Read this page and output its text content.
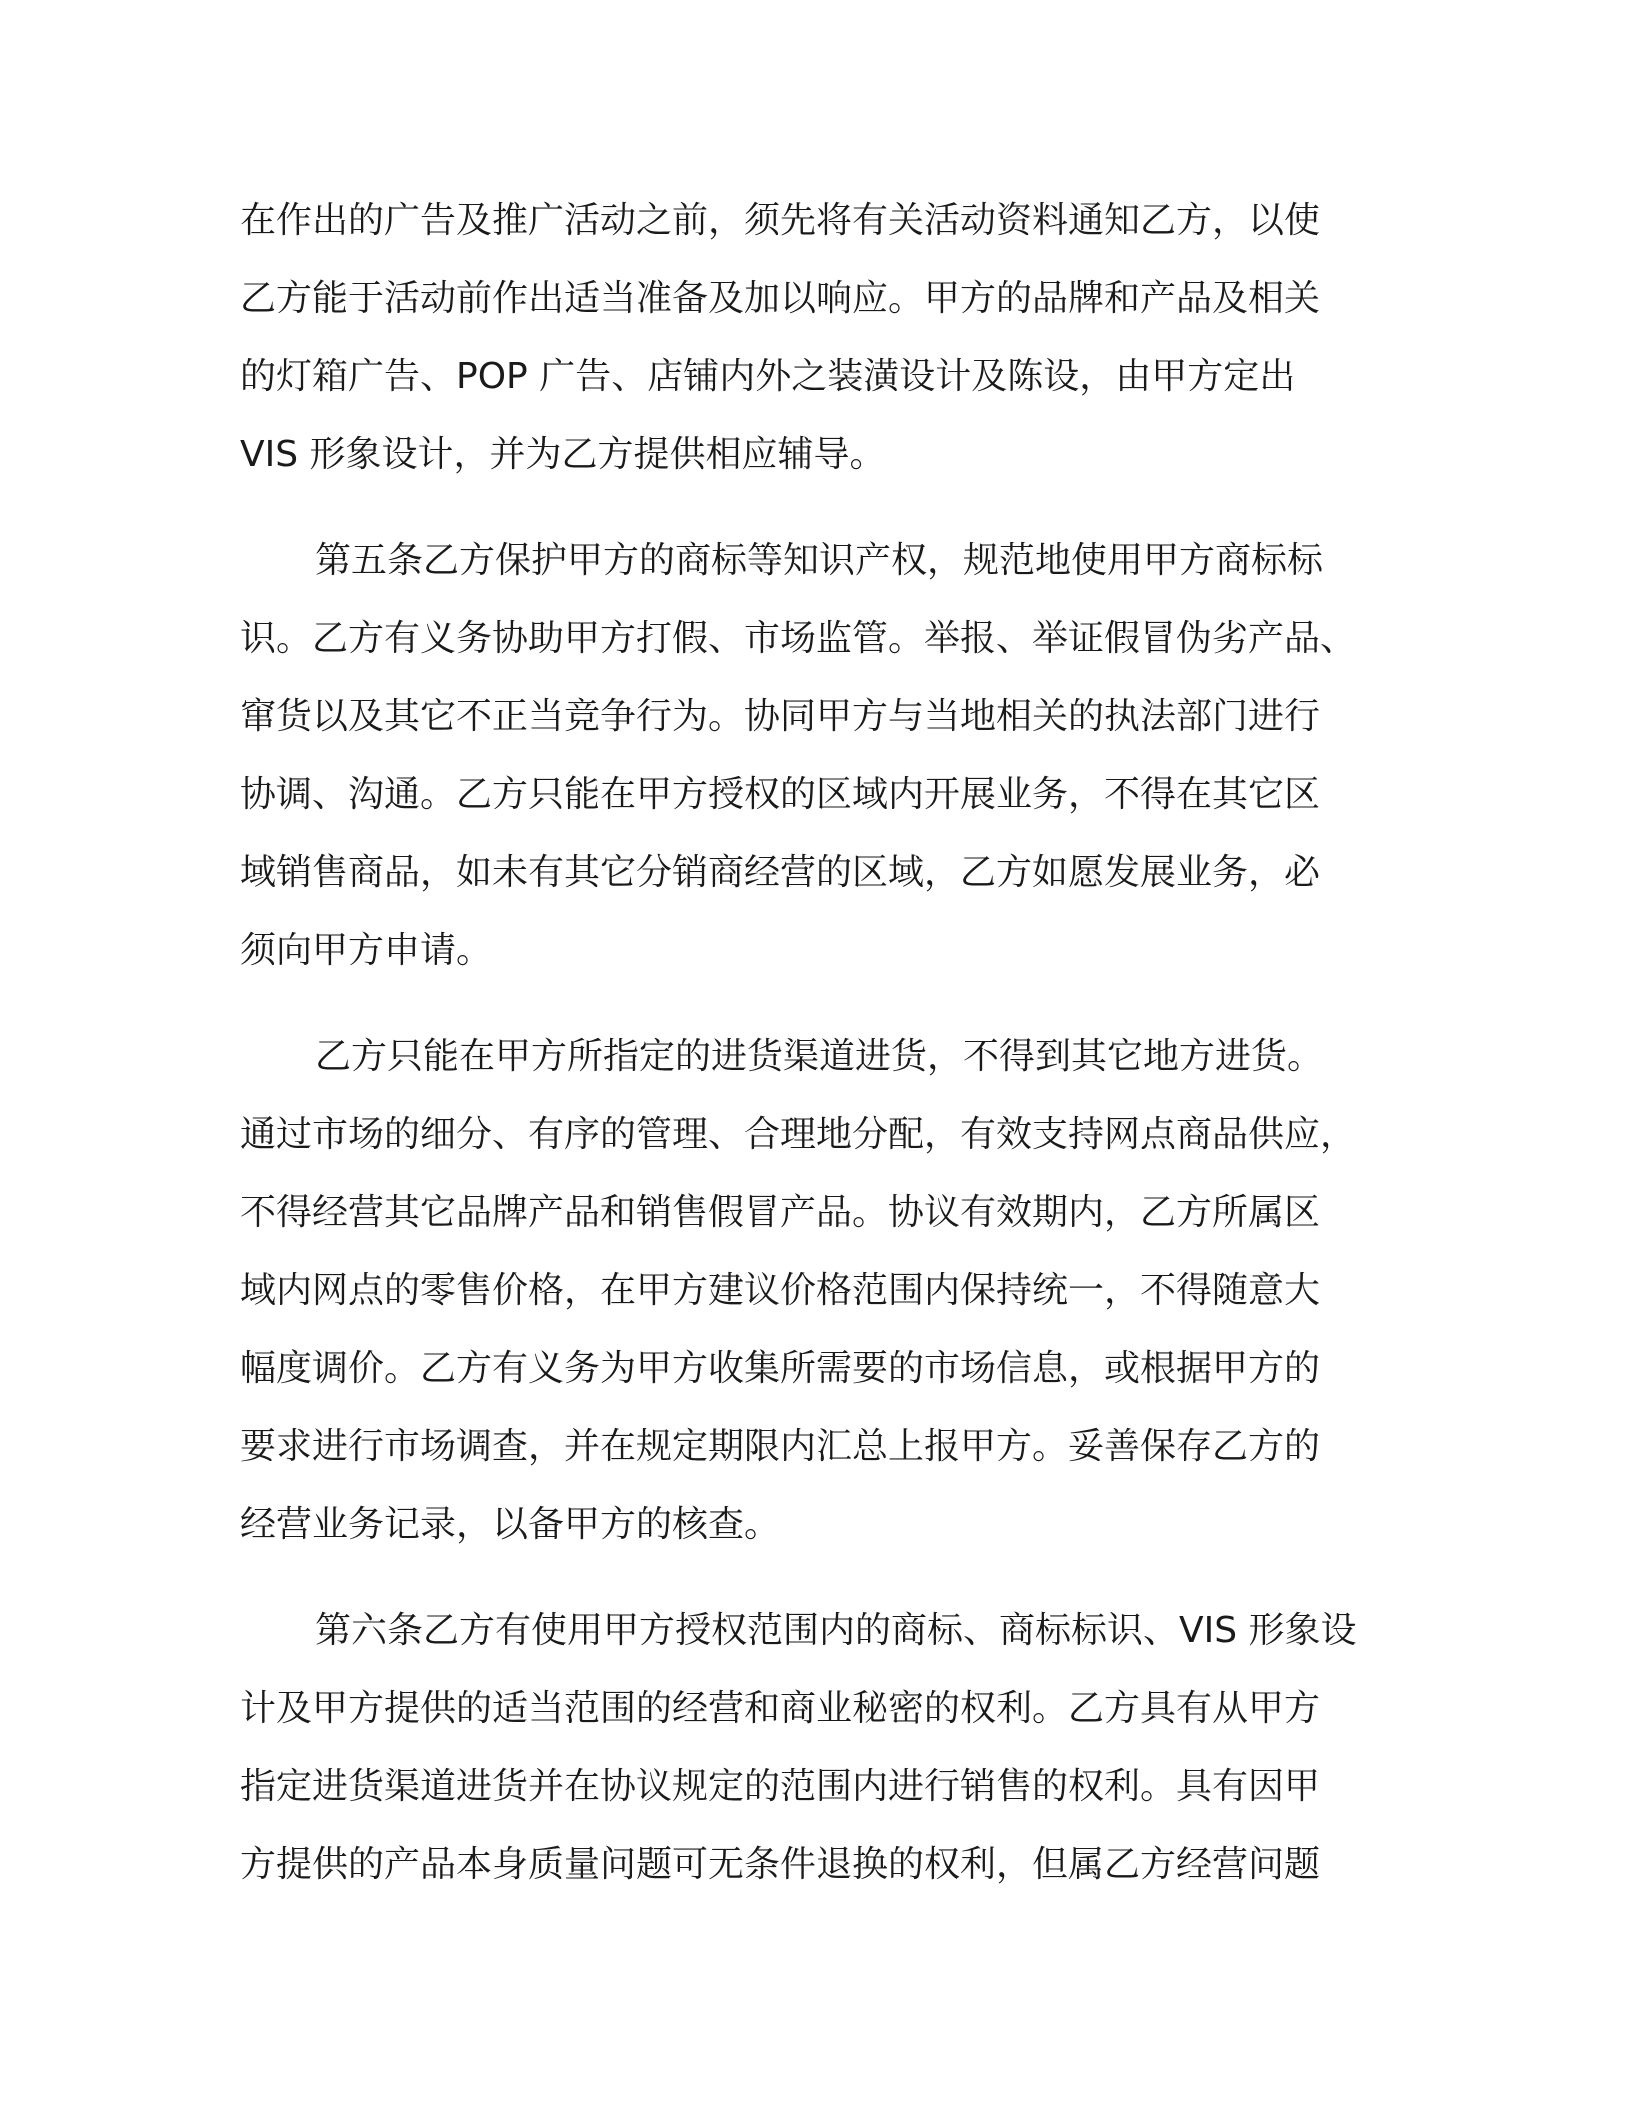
在作出的广告及推广活动之前，须先将有关活动资料通知乙方，以使
乙方能于活动前作出适当准备及加以响应。甲方的品牌和产品及相关
的灯箱广告、POP 广告、店铺内外之装潢设计及陈设，由甲方定出
VIS 形象设计，并为乙方提供相应辅导。
第五条乙方保护甲方的商标等知识产权，规范地使用甲方商标标
识。乙方有义务协助甲方打假、市场监管。举报、举证假冒伪劣产品、
窜货以及其它不正当竞争行为。协同甲方与当地相关的执法部门进行
协调、沟通。乙方只能在甲方授权的区域内开展业务，不得在其它区
域销售商品，如未有其它分销商经营的区域，乙方如愿发展业务，必
须向甲方申请。
乙方只能在甲方所指定的进货渠道进货，不得到其它地方进货。
通过市场的细分、有序的管理、合理地分配，有效支持网点商品供应，
不得经营其它品牌产品和销售假冒产品。协议有效期内，乙方所属区
域内网点的零售价格，在甲方建议价格范围内保持统一，不得随意大
幅度调价。乙方有义务为甲方收集所需要的市场信息，或根据甲方的
要求进行市场调查，并在规定期限内汇总上报甲方。妥善保存乙方的
经营业务记录，以备甲方的核查。
第六条乙方有使用甲方授权范围内的商标、商标标识、VIS 形象设
计及甲方提供的适当范围的经营和商业秘密的权利。乙方具有从甲方
指定进货渠道进货并在协议规定的范围内进行销售的权利。具有因甲
方提供的产品本身质量问题可无条件退换的权利，但属乙方经营问题
